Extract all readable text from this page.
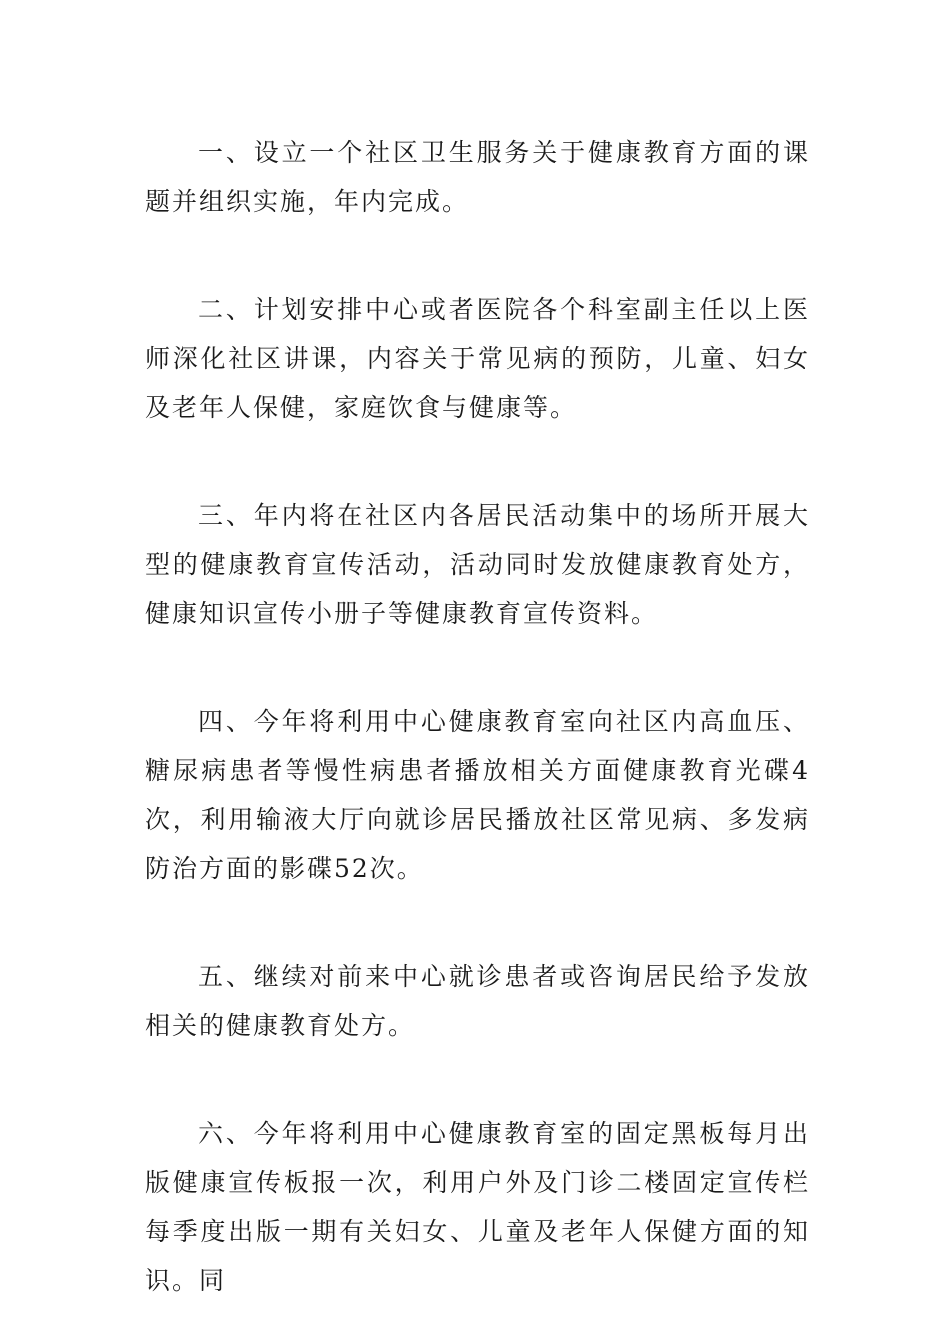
一、设立一个社区卫生服务关于健康教育方面的课题并组织实施，年内完成。

二、计划安排中心或者医院各个科室副主任以上医师深化社区讲课，内容关于常见病的预防，儿童、妇女及老年人保健，家庭饮食与健康等。

三、年内将在社区内各居民活动集中的场所开展大型的健康教育宣传活动，活动同时发放健康教育处方，健康知识宣传小册子等健康教育宣传资料。

四、今年将利用中心健康教育室向社区内高血压、糖尿病患者等慢性病患者播放相关方面健康教育光碟4次，利用输液大厅向就诊居民播放社区常见病、多发病防治方面的影碟52次。

五、继续对前来中心就诊患者或咨询居民给予发放相关的健康教育处方。

六、今年将利用中心健康教育室的固定黑板每月出版健康宣传板报一次，利用户外及门诊二楼固定宣传栏每季度出版一期有关妇女、儿童及老年人保健方面的知识。同
